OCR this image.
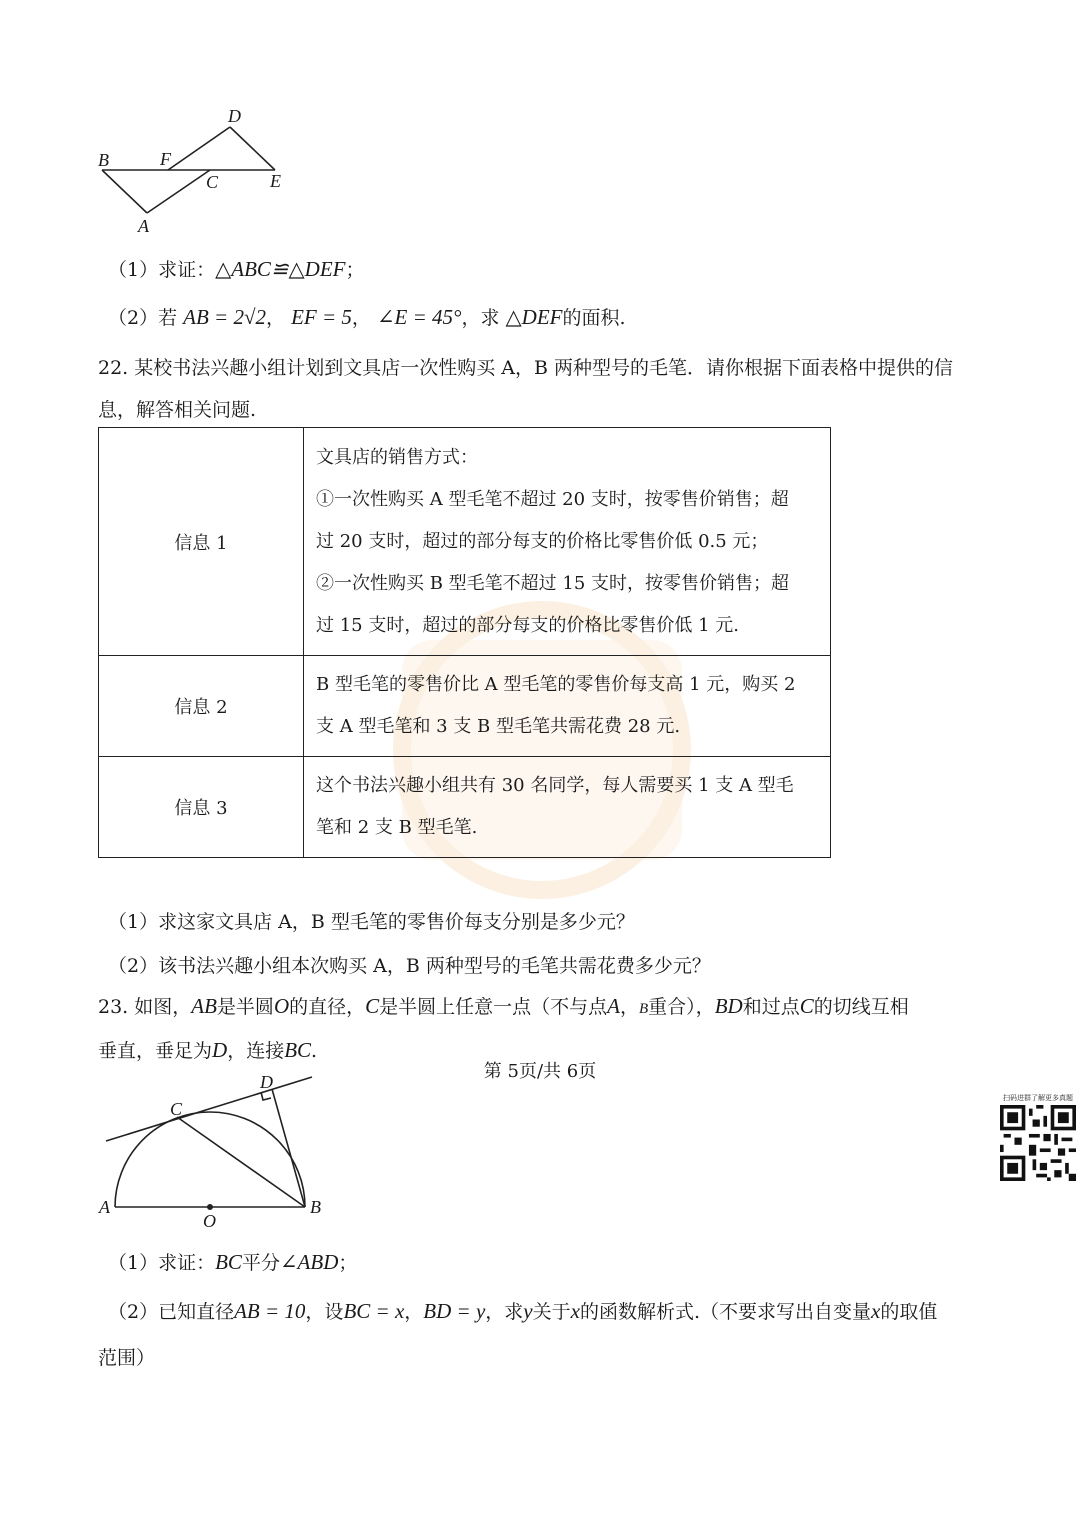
B	F
C	E
D
A
（1）求证：△ABC≌△DEF；
（2）若 AB = 2√2， EF = 5， ∠E = 45°，求 △DEF的面积.
22. 某校书法兴趣小组计划到文具店一次性购买 A，B 两种型号的毛笔．请你根据下面表格中提供的信
息，解答相关问题.
信息 1	文具店的销售方式：
①一次性购买 A 型毛笔不超过 20 支时，按零售价销售；超
过 20 支时，超过的部分每支的价格比零售价低 0.5 元；
②一次性购买 B 型毛笔不超过 15 支时，按零售价销售；超
过 15 支时，超过的部分每支的价格比零售价低 1 元.

信息 2	B 型毛笔的零售价比 A 型毛笔的零售价每支高 1 元，购买 2
支 A 型毛笔和 3 支 B 型毛笔共需花费 28 元.

信息 3	这个书法兴趣小组共有 30 名同学，每人需要买 1 支 A 型毛
笔和 2 支 B 型毛笔.
（1）求这家文具店 A，B 型毛笔的零售价每支分别是多少元？
（2）该书法兴趣小组本次购买 A，B 两种型号的毛笔共需花费多少元？
23. 如图，AB是半圆O的直径，C是半圆上任意一点（不与点A，B重合），BD和过点C的切线互相
垂直，垂足为D，连接BC.
D
C
A
O
B
（1）求证：BC平分∠ABD；
（2）已知直径AB = 10，设BC = x，BD = y，求y关于x的函数解析式.（不要求写出自变量x的取值
范围）
第 5页/共 6页
扫码进群了解更多真题
